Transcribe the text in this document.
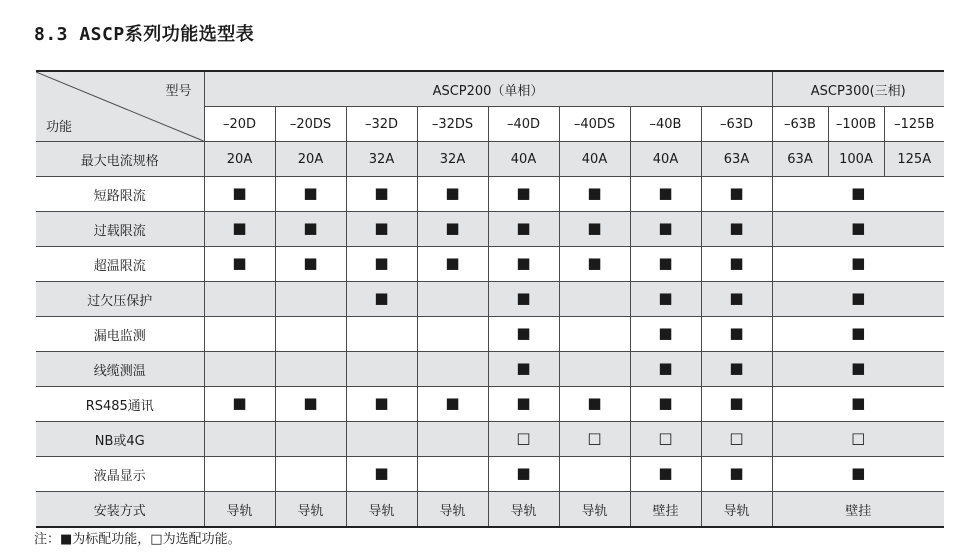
8.3 ASCP系列功能选型表
型号
功能	ASCP200（单相）								ASCP300(三相)		
	–20D	–20DS	–32D	–32DS	–40D	–40DS	–40B	–63D	–63B	–100B	–125B
最大电流规格	20A	20A	32A	32A	40A	40A	40A	63A	63A	100A	125A
短路限流	■	■	■	■	■	■	■	■	■		
过载限流	■	■	■	■	■	■	■	■	■		
超温限流	■	■	■	■	■	■	■	■	■		
过欠压保护			■		■		■	■	■		
漏电监测					■		■	■	■		
线缆测温					■		■	■	■		
RS485通讯	■	■	■	■	■	■	■	■	■		
NB或4G					□	□	□	□	□		
液晶显示			■		■		■	■	■		
安装方式	导轨	导轨	导轨	导轨	导轨	导轨	壁挂	导轨	壁挂		
注：■为标配功能，□为选配功能。
